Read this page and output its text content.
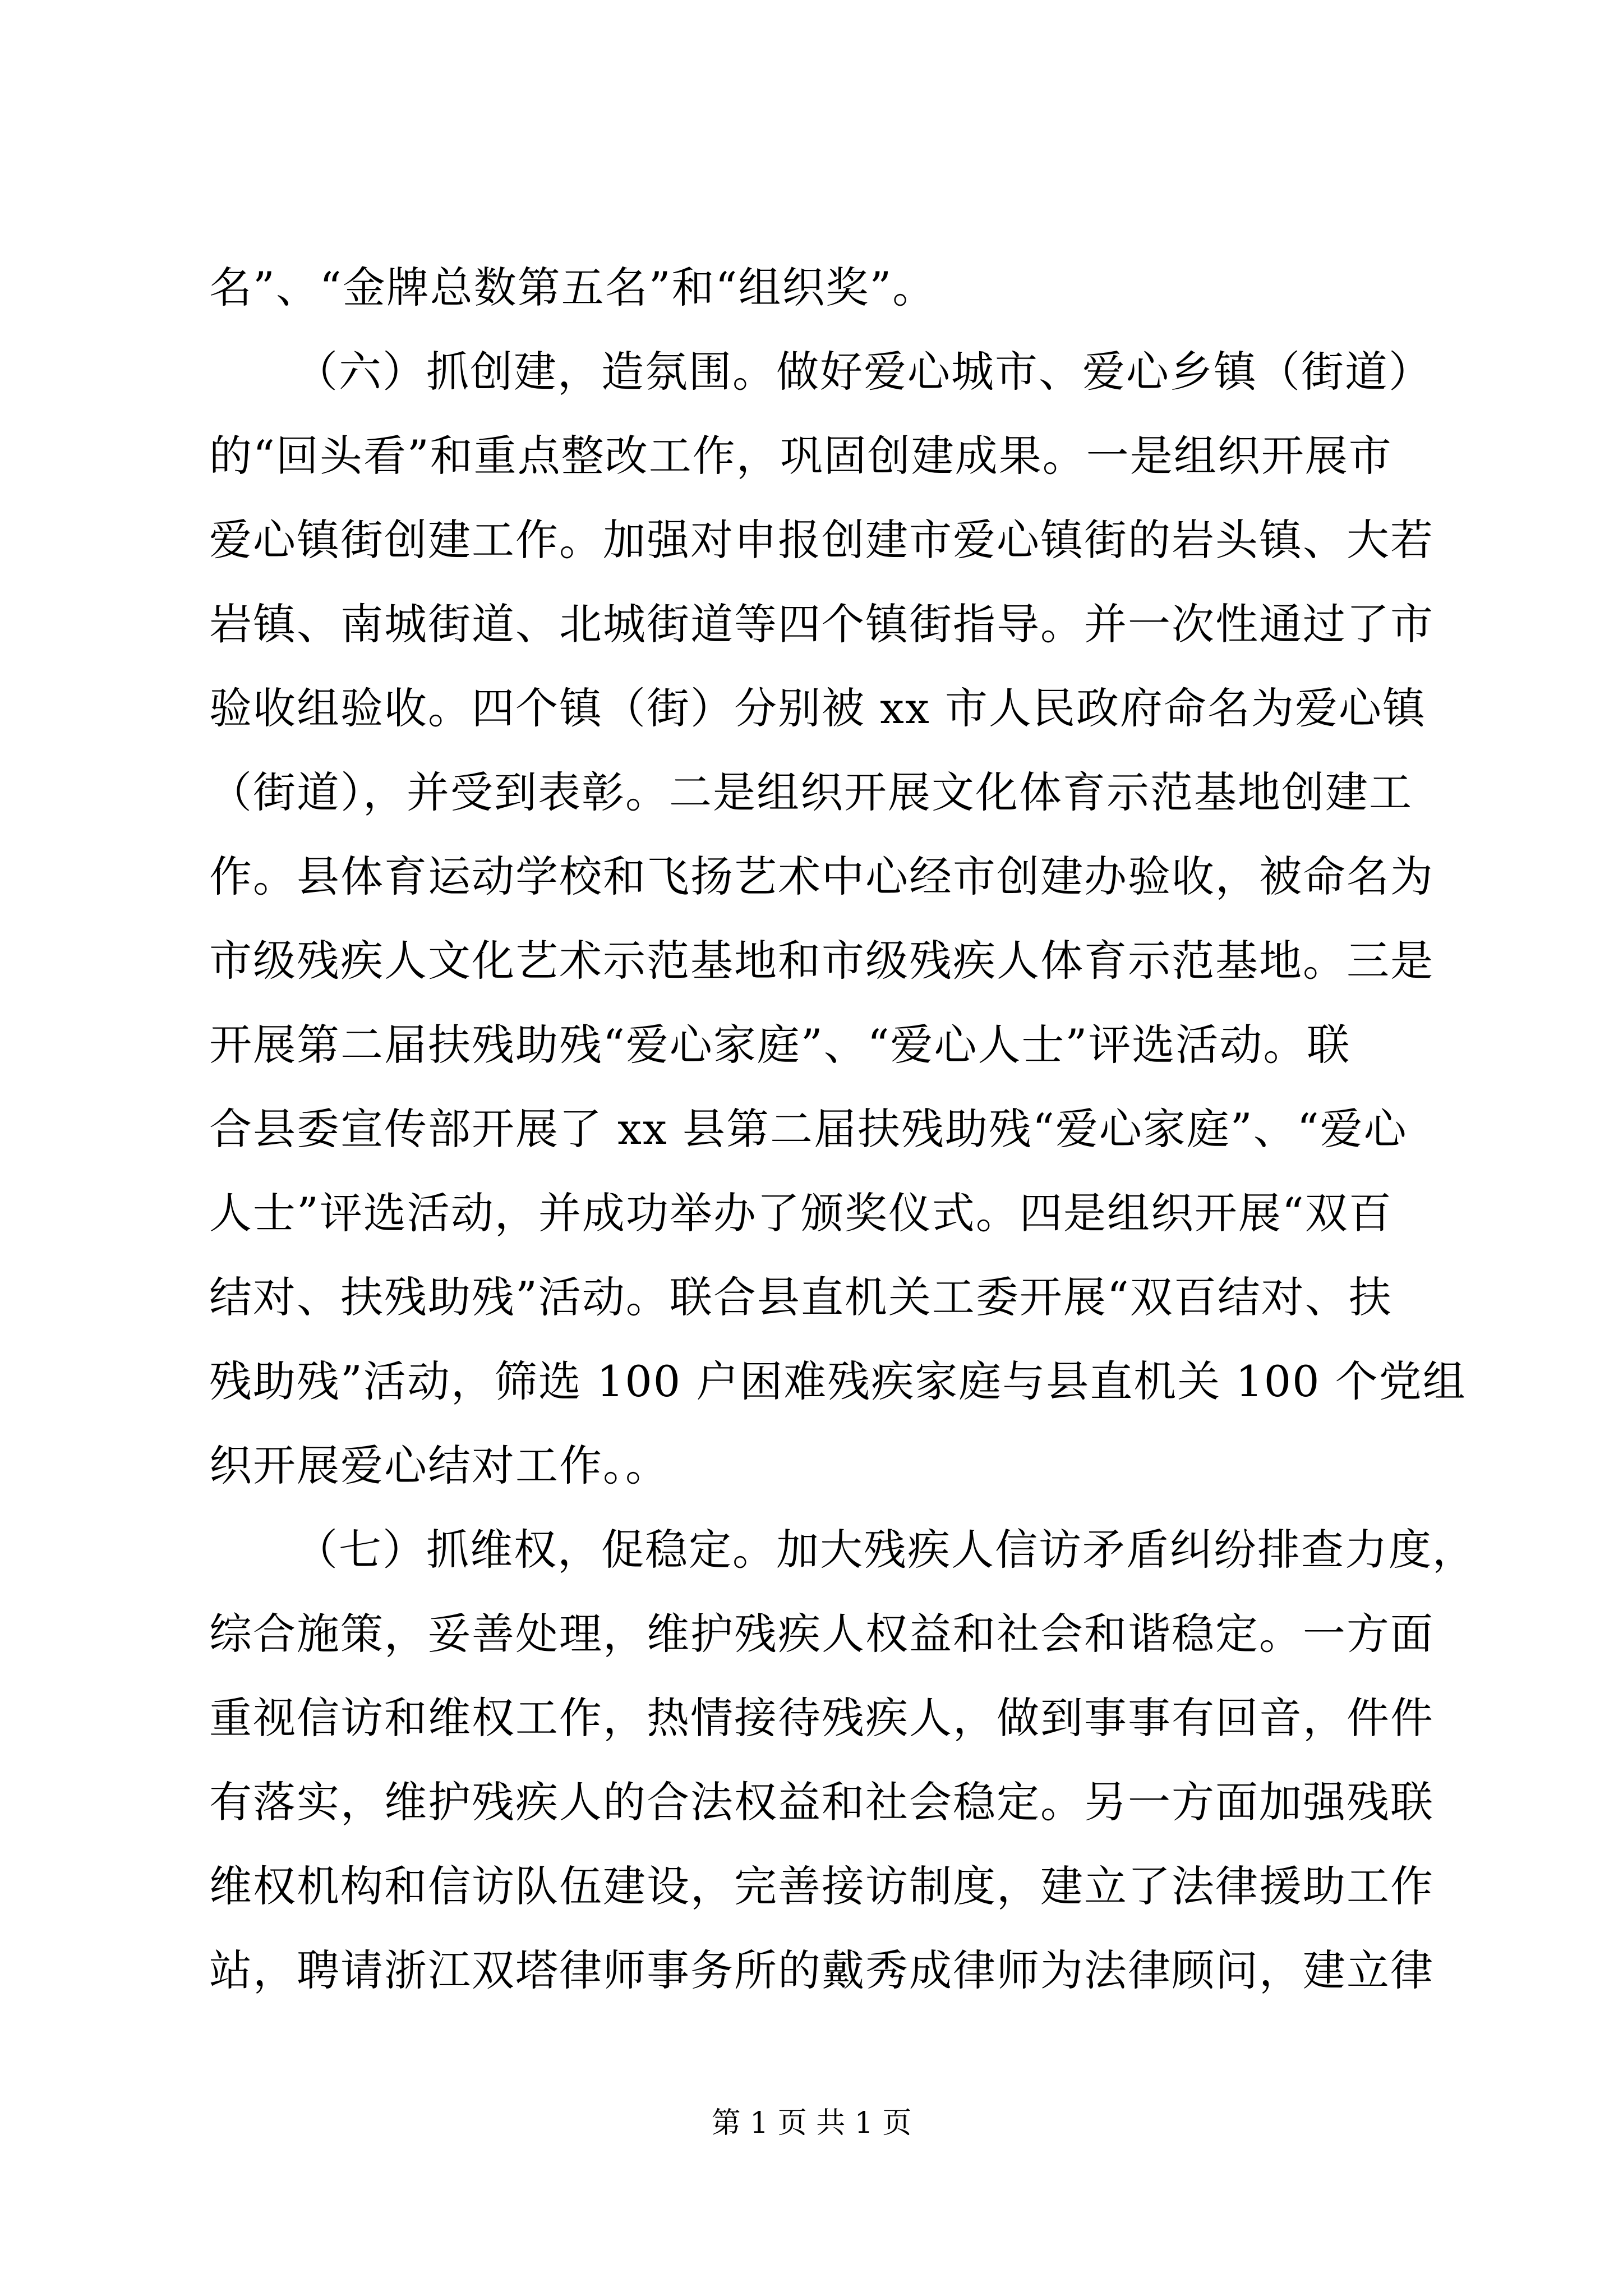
名”、“金牌总数第五名”和“组织奖”。
（六）抓创建，造氛围。做好爱心城市、爱心乡镇（街道）
的“回头看”和重点整改工作，巩固创建成果。一是组织开展市
爱心镇街创建工作。加强对申报创建市爱心镇街的岩头镇、大若
岩镇、南城街道、北城街道等四个镇街指导。并一次性通过了市
验收组验收。四个镇（街）分别被 xx 市人民政府命名为爱心镇
（街道），并受到表彰。二是组织开展文化体育示范基地创建工
作。县体育运动学校和飞扬艺术中心经市创建办验收，被命名为
市级残疾人文化艺术示范基地和市级残疾人体育示范基地。三是
开展第二届扶残助残“爱心家庭”、“爱心人士”评选活动。联
合县委宣传部开展了 xx 县第二届扶残助残“爱心家庭”、“爱心
人士”评选活动，并成功举办了颁奖仪式。四是组织开展“双百
结对、扶残助残”活动。联合县直机关工委开展“双百结对、扶
残助残”活动，筛选 100 户困难残疾家庭与县直机关 100 个党组
织开展爱心结对工作。。
（七）抓维权，促稳定。加大残疾人信访矛盾纠纷排查力度，
综合施策，妥善处理，维护残疾人权益和社会和谐稳定。一方面
重视信访和维权工作，热情接待残疾人，做到事事有回音，件件
有落实，维护残疾人的合法权益和社会稳定。另一方面加强残联
维权机构和信访队伍建设，完善接访制度，建立了法律援助工作
站，聘请浙江双塔律师事务所的戴秀成律师为法律顾问，建立律
第 1 页 共 1 页
